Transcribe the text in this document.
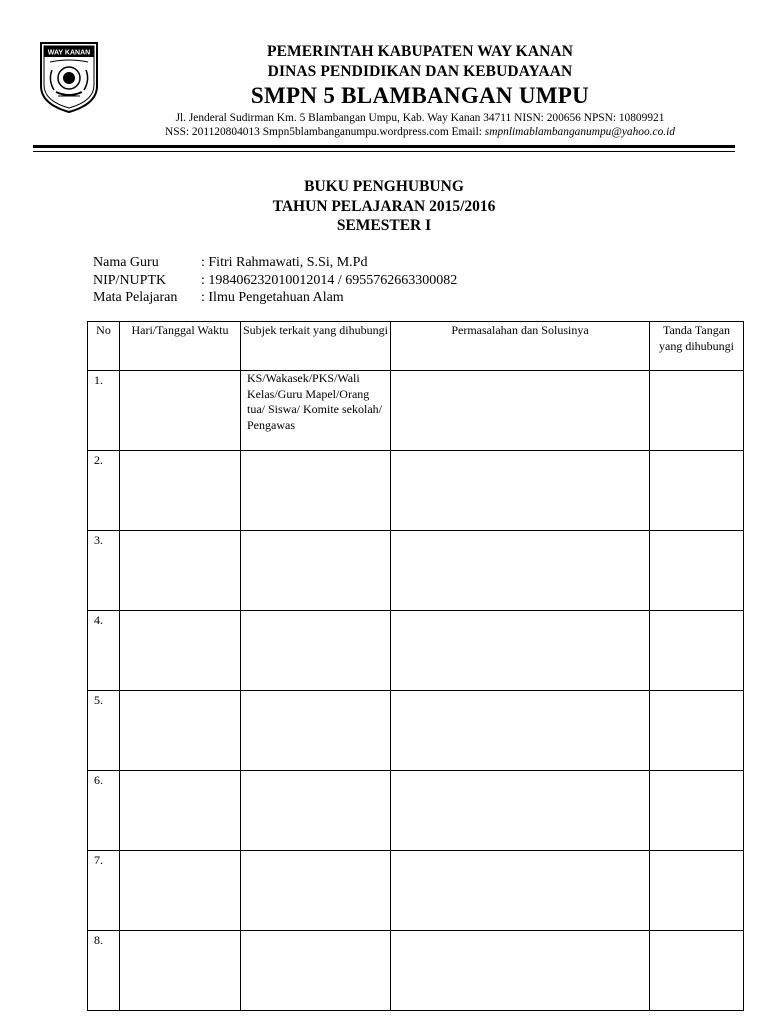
WAY KANAN	PEMERINTAH KABUPATEN WAY KANAN
DINAS PENDIDIKAN DAN KEBUDAYAAN
SMPN 5 BLAMBANGAN UMPU
Jl. Jenderal Sudirman Km. 5 Blambangan Umpu, Kab. Way Kanan 34711 NISN: 200656 NPSN: 10809921
NSS: 201120804013 Smpn5blambanganumpu.wordpress.com Email: smpnlimablambanganumpu@yahoo.co.id
BUKU PENGHUBUNG
TAHUN PELAJARAN 2015/2016
SEMESTER I
Nama Guru	: Fitri Rahmawati, S.Si, M.Pd
NIP/NUPTK	: 198406232010012014 / 6955762663300082
Mata Pelajaran	: Ilmu Pengetahuan Alam
No	Hari/Tanggal Waktu	Subjek terkait yang dihubungi	Permasalahan dan Solusinya	Tanda Tangan yang dihubungi
1.		KS/Wakasek/PKS/Wali Kelas/Guru Mapel/Orang tua/ Siswa/ Komite sekolah/ Pengawas		
2.				
3.				
4.				
5.				
6.				
7.				
8.				
